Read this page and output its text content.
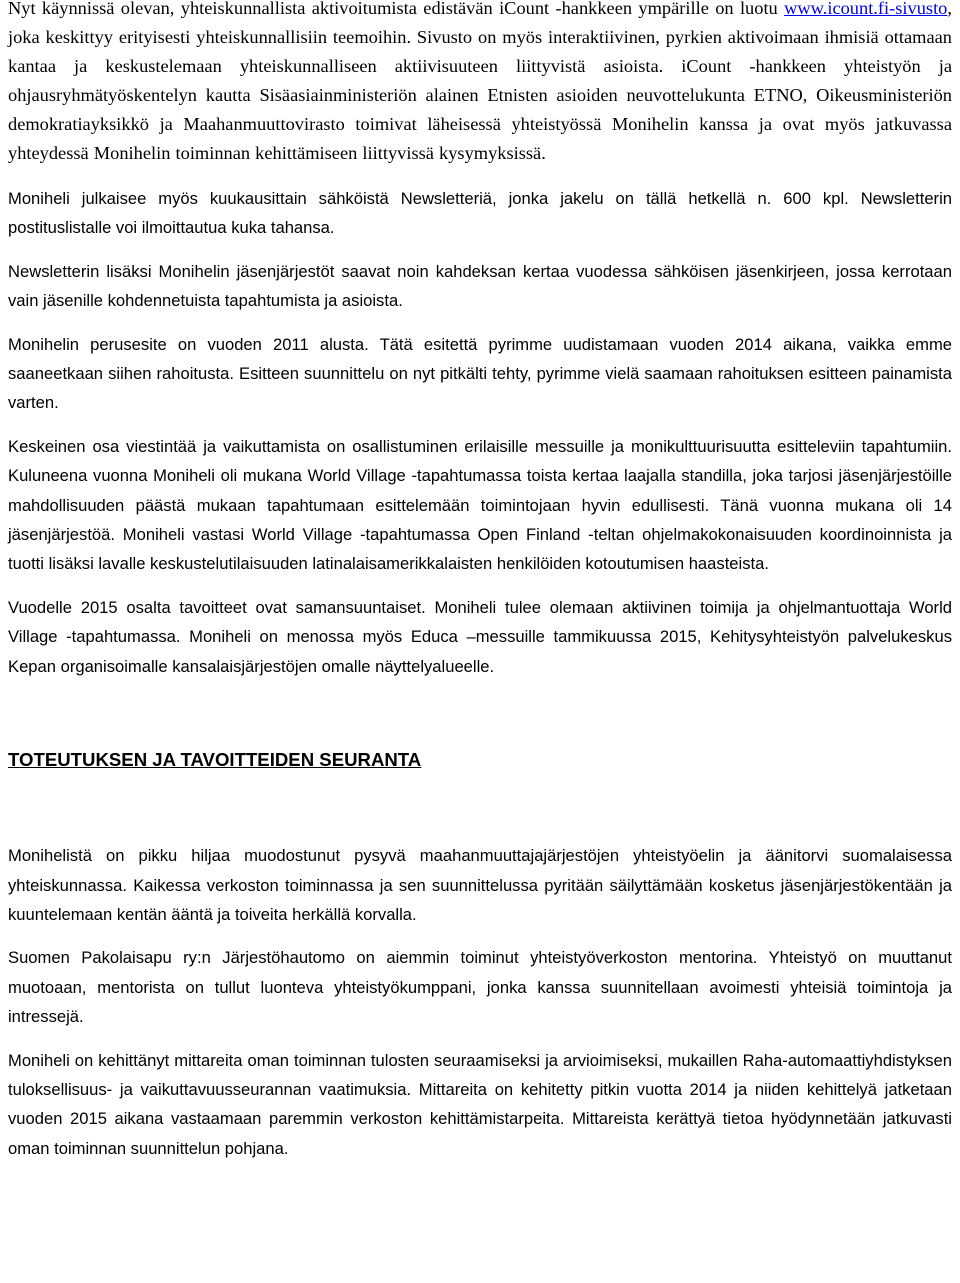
Nyt käynnissä olevan, yhteiskunnallista aktivoitumista edistävän iCount -hankkeen ympärille on luotu www.icount.fi-sivusto, joka keskittyy erityisesti yhteiskunnallisiin teemoihin. Sivusto on myös interaktiivinen, pyrkien aktivoimaan ihmisiä ottamaan kantaa ja keskustelemaan yhteiskunnalliseen aktiivisuuteen liittyvistä asioista. iCount -hankkeen yhteistyön ja ohjausryhmätyöskentelyn kautta Sisäasiainministeriön alainen Etnisten asioiden neuvottelukunta ETNO, Oikeusministeriön demokratiayksikkö ja Maahanmuuttovirasto toimivat läheisessä yhteistyössä Monihelin kanssa ja ovat myös jatkuvassa yhteydessä Monihelin toiminnan kehittämiseen liittyvissä kysymyksissä.

Moniheli julkaisee myös kuukausittain sähköistä Newsletteriä, jonka jakelu on tällä hetkellä n. 600 kpl. Newsletterin postituslistalle voi ilmoittautua kuka tahansa.

Newsletterin lisäksi Monihelin jäsenjärjestöt saavat noin kahdeksan kertaa vuodessa sähköisen jäsenkirjeen, jossa kerrotaan vain jäsenille kohdennetuista tapahtumista ja asioista.

Monihelin perusesite on vuoden 2011 alusta. Tätä esitettä pyrimme uudistamaan vuoden 2014 aikana, vaikka emme saaneetkaan siihen rahoitusta. Esitteen suunnittelu on nyt pitkälti tehty, pyrimme vielä saamaan rahoituksen esitteen painamista varten.

Keskeinen osa viestintää ja vaikuttamista on osallistuminen erilaisille messuille ja monikulttuurisuutta esitteleviin tapahtumiin. Kuluneena vuonna Moniheli oli mukana World Village -tapahtumassa toista kertaa laajalla standilla, joka tarjosi jäsenjärjestöille mahdollisuuden päästä mukaan tapahtumaan esittelemään toimintojaan hyvin edullisesti. Tänä vuonna mukana oli 14 jäsenjärjestöä. Moniheli vastasi World Village -tapahtumassa Open Finland -teltan ohjelmakokonaisuuden koordinoinnista ja tuotti lisäksi lavalle keskustelutilaisuuden latinalaisamerikkalaisten henkilöiden kotoutumisen haasteista.

Vuodelle 2015 osalta tavoitteet ovat samansuuntaiset. Moniheli tulee olemaan aktiivinen toimija ja ohjelmantuottaja World Village -tapahtumassa. Moniheli on menossa myös Educa –messuille tammikuussa 2015, Kehitysyhteistyön palvelukeskus Kepan organisoimalle kansalaisjärjestöjen omalle näyttelyalueelle.

TOTEUTUKSEN JA TAVOITTEIDEN SEURANTA

Monihelistä on pikku hiljaa muodostunut pysyvä maahanmuuttajajärjestöjen yhteistyöelin ja äänitorvi suomalaisessa yhteiskunnassa. Kaikessa verkoston toiminnassa ja sen suunnittelussa pyritään säilyttämään kosketus jäsenjärjestökentään ja kuuntelemaan kentän ääntä ja toiveita herkällä korvalla.

Suomen Pakolaisapu ry:n Järjestöhautomo on aiemmin toiminut yhteistyöverkoston mentorina. Yhteistyö on muuttanut muotoaan, mentorista on tullut luonteva yhteistyökumppani, jonka kanssa suunnitellaan avoimesti yhteisiä toimintoja ja intressejä.

Moniheli on kehittänyt mittareita oman toiminnan tulosten seuraamiseksi ja arvioimiseksi, mukaillen Raha-automaattiyhdistyksen tuloksellisuus- ja vaikuttavuusseurannan vaatimuksia. Mittareita on kehitetty pitkin vuotta 2014 ja niiden kehittelyä jatketaan vuoden 2015 aikana vastaamaan paremmin verkoston kehittämistarpeita. Mittareista kerättyä tietoa hyödynnetään jatkuvasti oman toiminnan suunnittelun pohjana.
